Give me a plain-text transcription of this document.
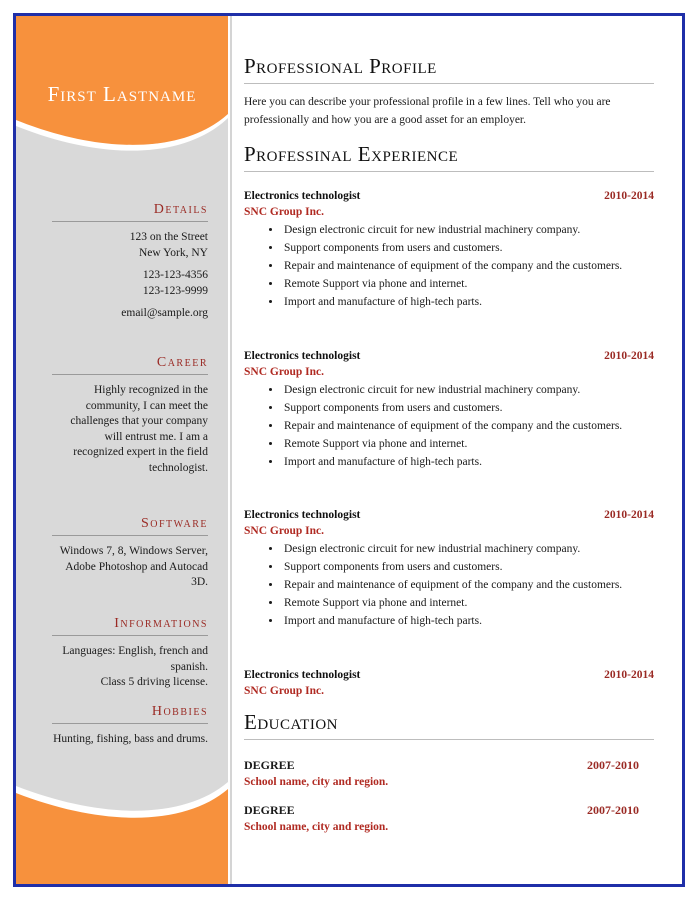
First Lastname
Details
123 on the Street
New York, NY
123-123-4356
123-123-9999
email@sample.org
Career
Highly recognized in the community, I can meet the challenges that your company will entrust me. I am a recognized expert in the field technologist.
Software
Windows 7, 8, Windows Server, Adobe Photoshop and Autocad 3D.
Informations
Languages: English, french and spanish.
Class 5 driving license.
Hobbies
Hunting, fishing, bass and drums.
Professional Profile
Here you can describe your professional profile in a few lines. Tell who you are professionally and how you are a good asset for an employer.
Professinal Experience
Electronics technologist	2010-2014
SNC Group Inc.
• Design electronic circuit for new industrial machinery company.
• Support components from users and customers.
• Repair and maintenance of equipment of the company and the customers.
• Remote Support via phone and internet.
• Import and manufacture of high-tech parts.
Electronics technologist	2010-2014
SNC Group Inc.
• Design electronic circuit for new industrial machinery company.
• Support components from users and customers.
• Repair and maintenance of equipment of the company and the customers.
• Remote Support via phone and internet.
• Import and manufacture of high-tech parts.
Electronics technologist	2010-2014
SNC Group Inc.
• Design electronic circuit for new industrial machinery company.
• Support components from users and customers.
• Repair and maintenance of equipment of the company and the customers.
• Remote Support via phone and internet.
• Import and manufacture of high-tech parts.
Electronics technologist	2010-2014
SNC Group Inc.
Education
DEGREE	2007-2010
School name, city and region.
DEGREE	2007-2010
School name, city and region.
